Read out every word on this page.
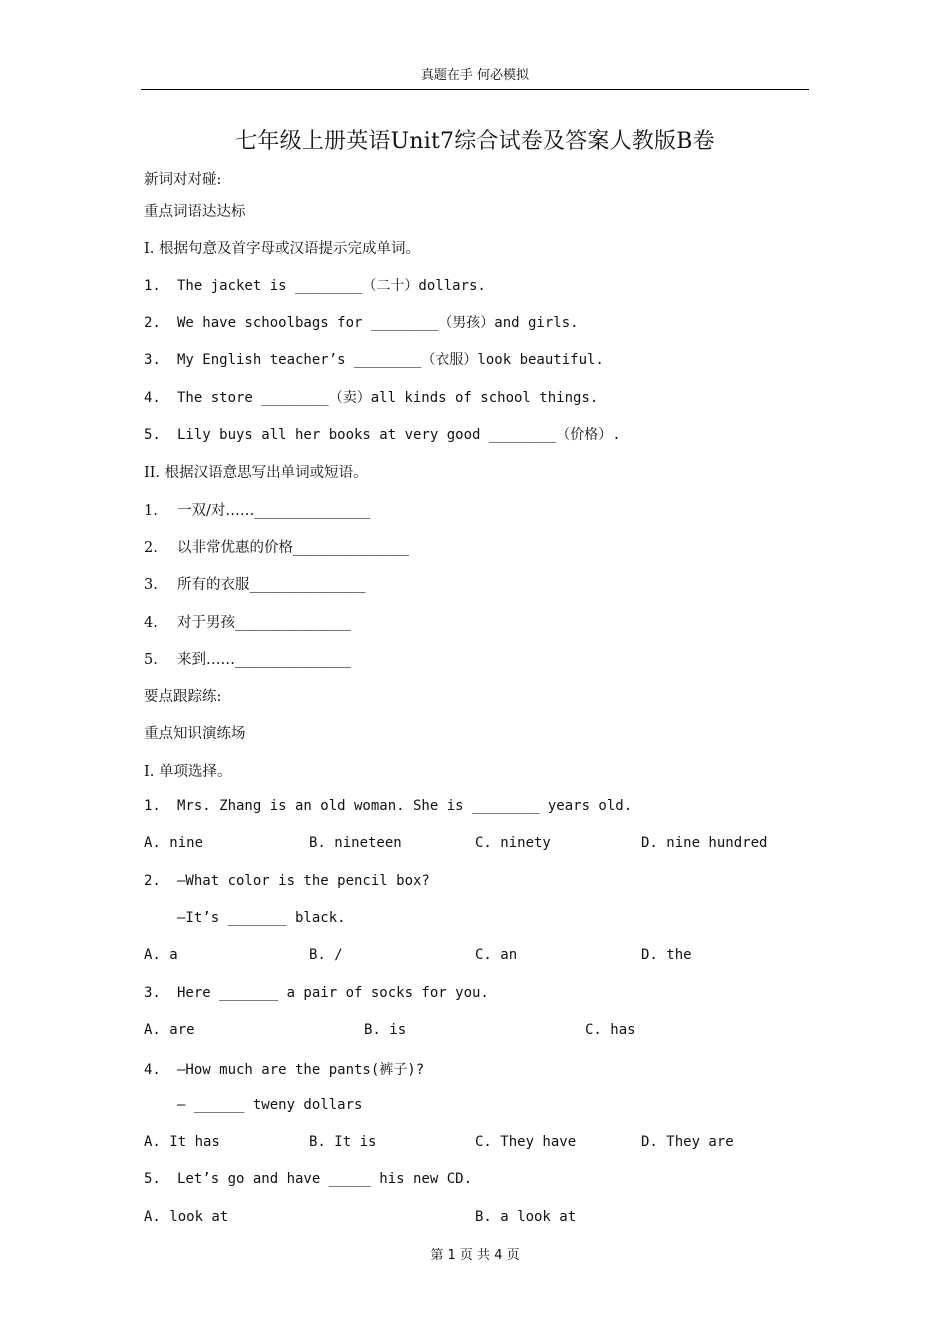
真题在手 何必模拟
七年级上册英语Unit7综合试卷及答案人教版B卷
新词对对碰:
重点词语达达标
I. 根据句意及首字母或汉语提示完成单词。
1. The jacket is ________（二十）dollars.
2. We have schoolbags for ________（男孩）and girls.
3. My English teacher’s ________（衣服）look beautiful.
4. The store ________（卖）all kinds of school things.
5. Lily buys all her books at very good ________（价格）.
II. 根据汉语意思写出单词或短语。
1. 一双/对……________________
2. 以非常优惠的价格________________
3. 所有的衣服________________
4. 对于男孩________________
5. 来到……________________
要点跟踪练:
重点知识演练场
I. 单项选择。
1. Mrs. Zhang is an old woman. She is ________ years old.
A. nine	B. nineteen	C. ninety	D. nine hundred
2. —What color is the pencil box?
—It’s _______ black.
A. a	B. /	C. an	D. the
3. Here _______ a pair of socks for you.
A. are	B. is	C. has
4. —How much are the pants(裤子)?
— ______ tweny dollars
A. It has	B. It is	C. They have	D. They are
5. Let’s go and have _____ his new CD.
A. look at	B. a look at
第 1 页 共 4 页
